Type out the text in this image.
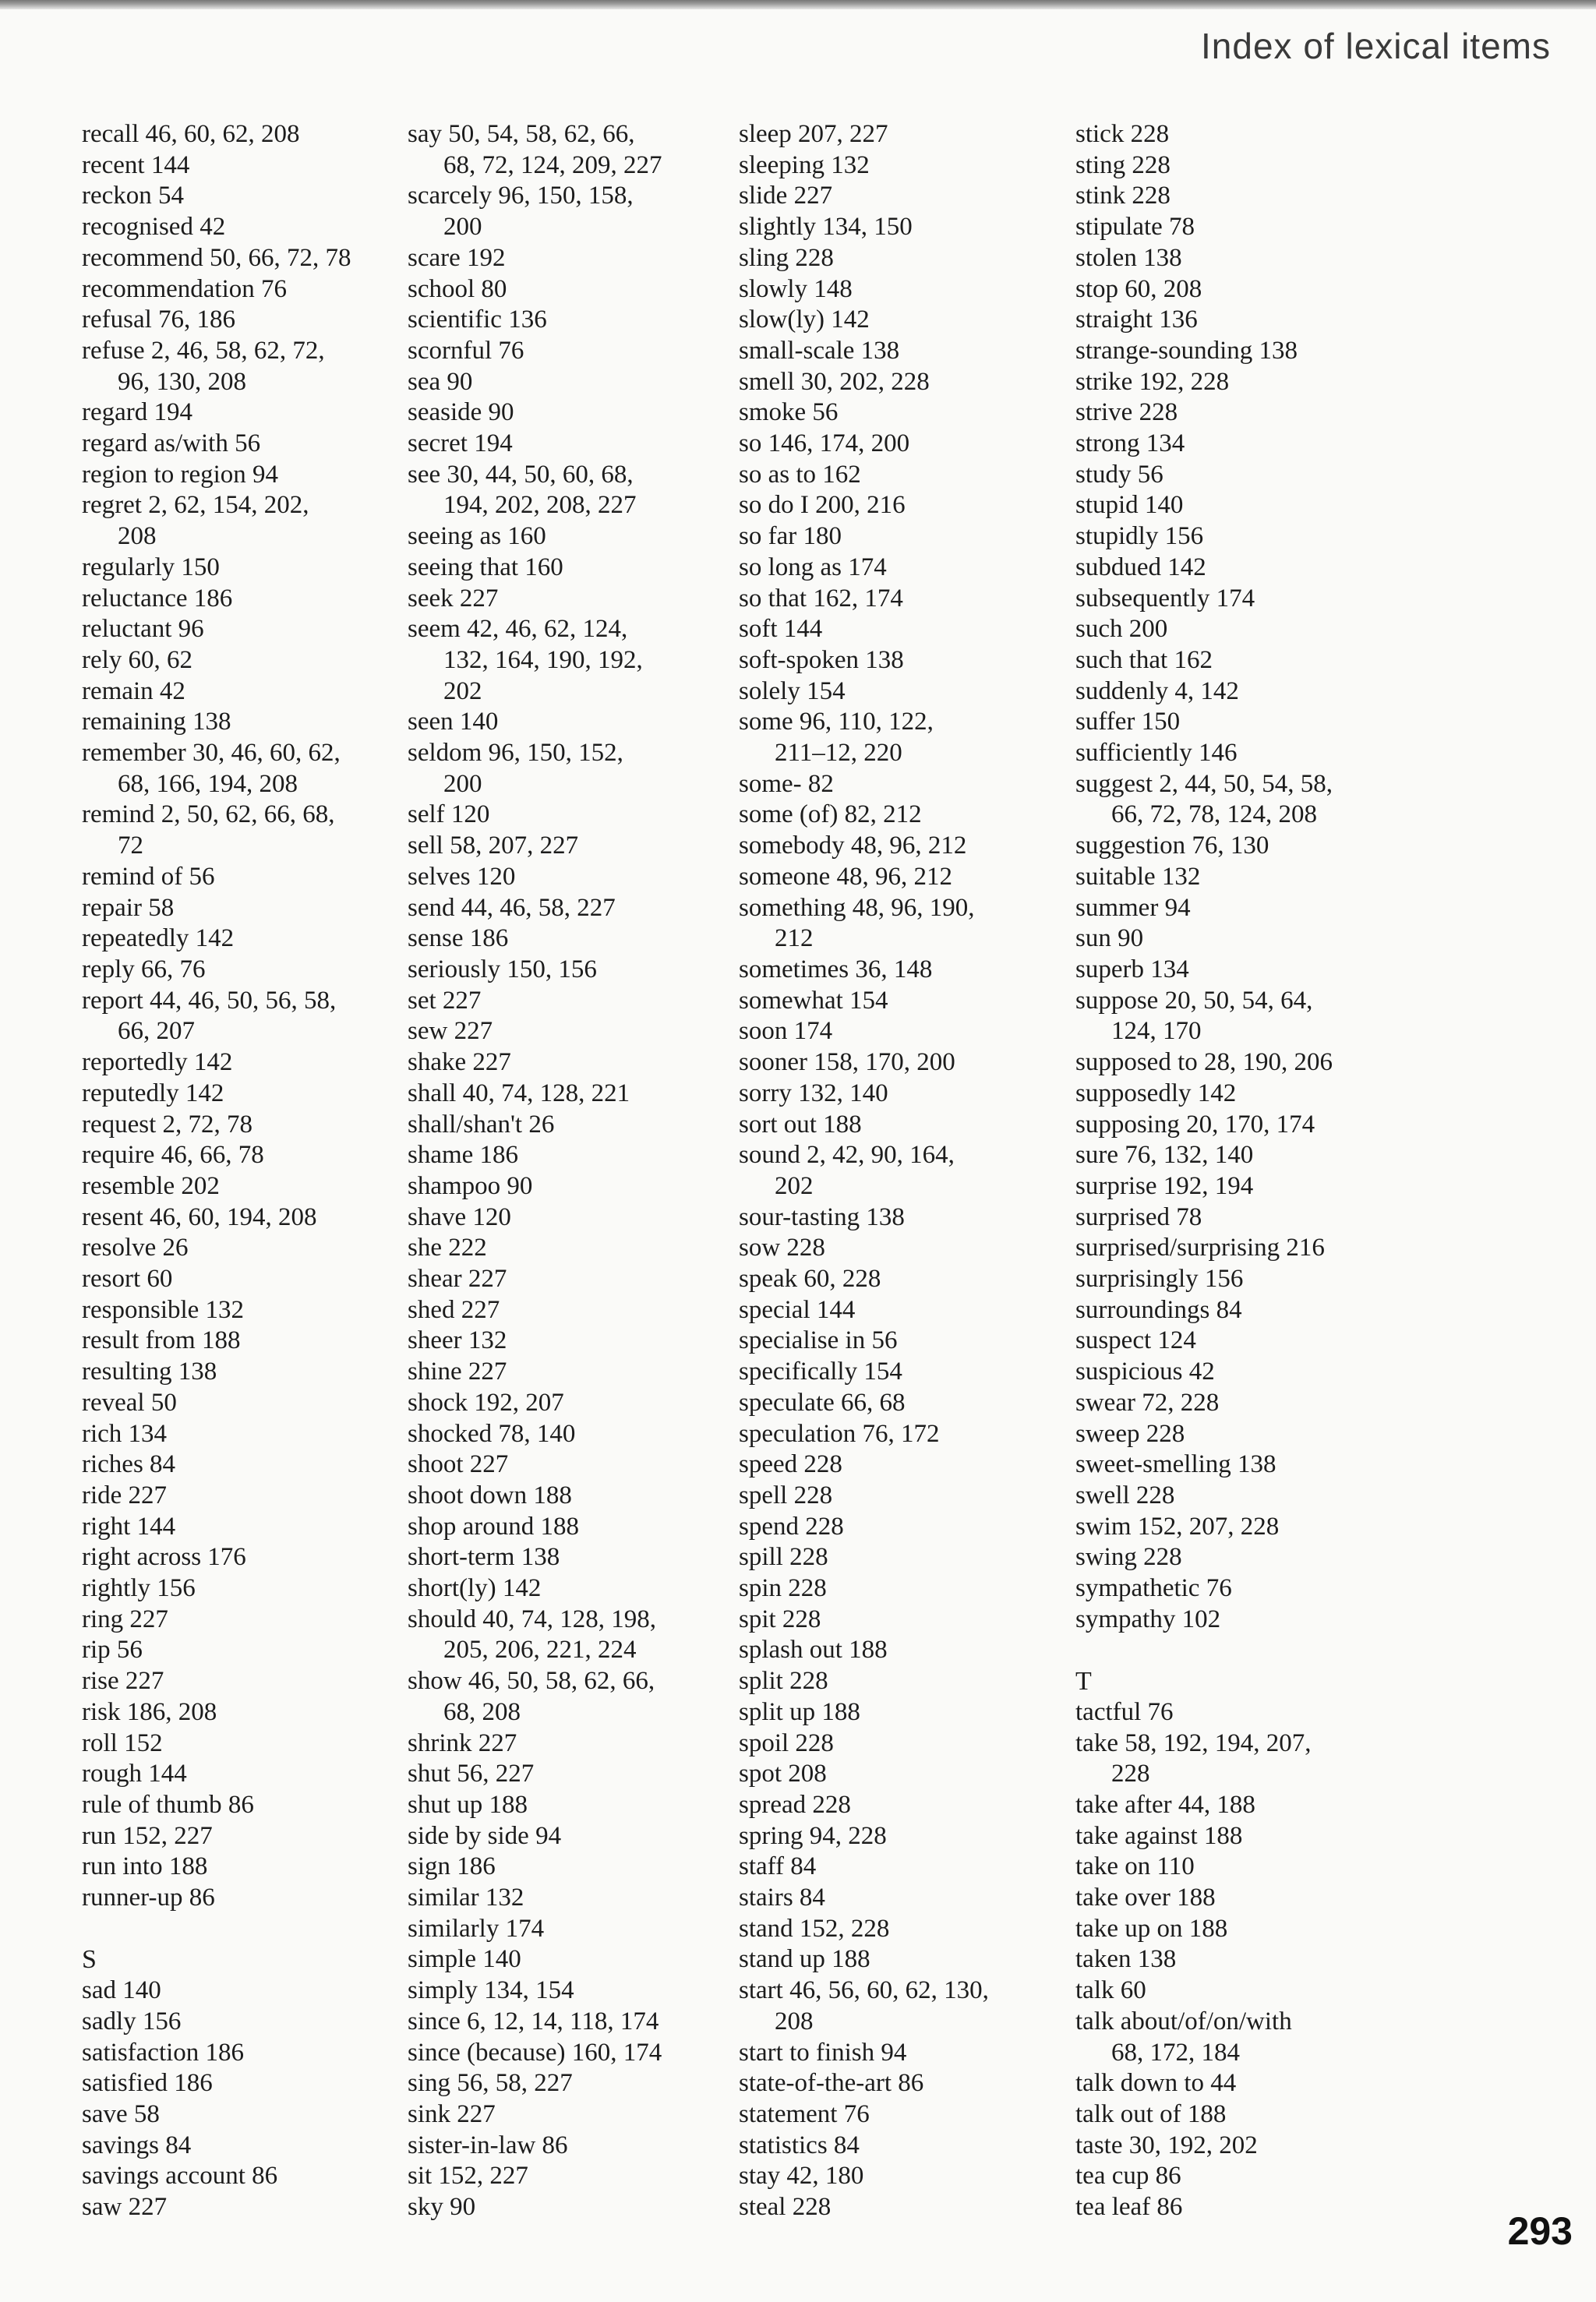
Index of lexical items
recall 46, 60, 62, 208
recent 144
reckon 54
recognised 42
recommend 50, 66, 72, 78
recommendation 76
refusal 76, 186
refuse 2, 46, 58, 62, 72,
96, 130, 208
regard 194
regard as/with 56
region to region 94
regret 2, 62, 154, 202,
208
regularly 150
reluctance 186
reluctant 96
rely 60, 62
remain 42
remaining 138
remember 30, 46, 60, 62,
68, 166, 194, 208
remind 2, 50, 62, 66, 68,
72
remind of 56
repair 58
repeatedly 142
reply 66, 76
report 44, 46, 50, 56, 58,
66, 207
reportedly 142
reputedly 142
request 2, 72, 78
require 46, 66, 78
resemble 202
resent 46, 60, 194, 208
resolve 26
resort 60
responsible 132
result from 188
resulting 138
reveal 50
rich 134
riches 84
ride 227
right 144
right across 176
rightly 156
ring 227
rip 56
rise 227
risk 186, 208
roll 152
rough 144
rule of thumb 86
run 152, 227
run into 188
runner-up 86
S
sad 140
sadly 156
satisfaction 186
satisfied 186
save 58
savings 84
savings account 86
saw 227
say 50, 54, 58, 62, 66,
68, 72, 124, 209, 227
scarcely 96, 150, 158,
200
scare 192
school 80
scientific 136
scornful 76
sea 90
seaside 90
secret 194
see 30, 44, 50, 60, 68,
194, 202, 208, 227
seeing as 160
seeing that 160
seek 227
seem 42, 46, 62, 124,
132, 164, 190, 192,
202
seen 140
seldom 96, 150, 152,
200
self 120
sell 58, 207, 227
selves 120
send 44, 46, 58, 227
sense 186
seriously 150, 156
set 227
sew 227
shake 227
shall 40, 74, 128, 221
shall/shan't 26
shame 186
shampoo 90
shave 120
she 222
shear 227
shed 227
sheer 132
shine 227
shock 192, 207
shocked 78, 140
shoot 227
shoot down 188
shop around 188
short-term 138
short(ly) 142
should 40, 74, 128, 198,
205, 206, 221, 224
show 46, 50, 58, 62, 66,
68, 208
shrink 227
shut 56, 227
shut up 188
side by side 94
sign 186
similar 132
similarly 174
simple 140
simply 134, 154
since 6, 12, 14, 118, 174
since (because) 160, 174
sing 56, 58, 227
sink 227
sister-in-law 86
sit 152, 227
sky 90
sleep 207, 227
sleeping 132
slide 227
slightly 134, 150
sling 228
slowly 148
slow(ly) 142
small-scale 138
smell 30, 202, 228
smoke 56
so 146, 174, 200
so as to 162
so do I 200, 216
so far 180
so long as 174
so that 162, 174
soft 144
soft-spoken 138
solely 154
some 96, 110, 122,
211–12, 220
some- 82
some (of) 82, 212
somebody 48, 96, 212
someone 48, 96, 212
something 48, 96, 190,
212
sometimes 36, 148
somewhat 154
soon 174
sooner 158, 170, 200
sorry 132, 140
sort out 188
sound 2, 42, 90, 164,
202
sour-tasting 138
sow 228
speak 60, 228
special 144
specialise in 56
specifically 154
speculate 66, 68
speculation 76, 172
speed 228
spell 228
spend 228
spill 228
spin 228
spit 228
splash out 188
split 228
split up 188
spoil 228
spot 208
spread 228
spring 94, 228
staff 84
stairs 84
stand 152, 228
stand up 188
start 46, 56, 60, 62, 130,
208
start to finish 94
state-of-the-art 86
statement 76
statistics 84
stay 42, 180
steal 228
stick 228
sting 228
stink 228
stipulate 78
stolen 138
stop 60, 208
straight 136
strange-sounding 138
strike 192, 228
strive 228
strong 134
study 56
stupid 140
stupidly 156
subdued 142
subsequently 174
such 200
such that 162
suddenly 4, 142
suffer 150
sufficiently 146
suggest 2, 44, 50, 54, 58,
66, 72, 78, 124, 208
suggestion 76, 130
suitable 132
summer 94
sun 90
superb 134
suppose 20, 50, 54, 64,
124, 170
supposed to 28, 190, 206
supposedly 142
supposing 20, 170, 174
sure 76, 132, 140
surprise 192, 194
surprised 78
surprised/surprising 216
surprisingly 156
surroundings 84
suspect 124
suspicious 42
swear 72, 228
sweep 228
sweet-smelling 138
swell 228
swim 152, 207, 228
swing 228
sympathetic 76
sympathy 102
T
tactful 76
take 58, 192, 194, 207,
228
take after 44, 188
take against 188
take on 110
take over 188
take up on 188
taken 138
talk 60
talk about/of/on/with
68, 172, 184
talk down to 44
talk out of 188
taste 30, 192, 202
tea cup 86
tea leaf 86
293
